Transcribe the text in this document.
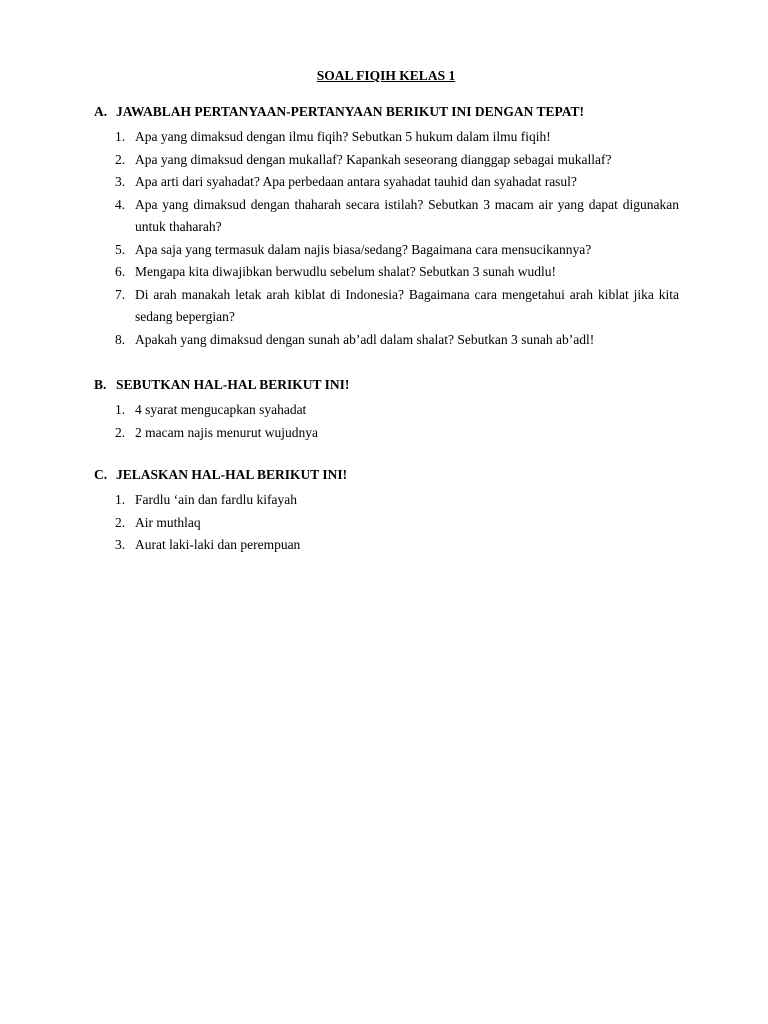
SOAL FIQIH KELAS 1
A. JAWABLAH PERTANYAAN-PERTANYAAN BERIKUT INI DENGAN TEPAT!
1. Apa yang dimaksud dengan ilmu fiqih? Sebutkan 5 hukum dalam ilmu fiqih!
2. Apa yang dimaksud dengan mukallaf? Kapankah seseorang dianggap sebagai mukallaf?
3. Apa arti dari syahadat? Apa perbedaan antara syahadat tauhid dan syahadat rasul?
4. Apa yang dimaksud dengan thaharah secara istilah? Sebutkan 3 macam air yang dapat digunakan untuk thaharah?
5. Apa saja yang termasuk dalam najis biasa/sedang? Bagaimana cara mensucikannya?
6. Mengapa kita diwajibkan berwudlu sebelum shalat? Sebutkan 3 sunah wudlu!
7. Di arah manakah letak arah kiblat di Indonesia? Bagaimana cara mengetahui arah kiblat jika kita sedang bepergian?
8. Apakah yang dimaksud dengan sunah ab’adl dalam shalat? Sebutkan 3 sunah ab’adl!
B. SEBUTKAN HAL-HAL BERIKUT INI!
1. 4 syarat mengucapkan syahadat
2. 2 macam najis menurut wujudnya
C. JELASKAN HAL-HAL BERIKUT INI!
1. Fardlu ‘ain dan fardlu kifayah
2. Air muthlaq
3. Aurat laki-laki dan perempuan
